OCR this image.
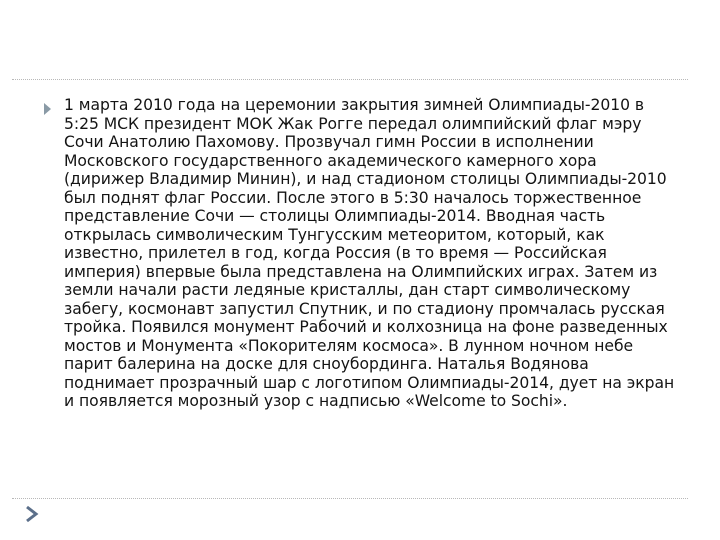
1 марта 2010 года на церемонии закрытия зимней Олимпиады-2010 в 5:25 МСК президент МОК Жак Рогге передал олимпийский флаг мэру Сочи Анатолию Пахомову. Прозвучал гимн России в исполнении Московского государственного академического камерного хора (дирижер Владимир Минин), и над стадионом столицы Олимпиады-2010 был поднят флаг России. После этого в 5:30 началось торжественное представление Сочи — столицы Олимпиады-2014. Вводная часть открылась символическим Тунгусским метеоритом, который, как известно, прилетел в год, когда Россия (в то время — Российская империя) впервые была представлена на Олимпийских играх. Затем из земли начали расти ледяные кристаллы, дан старт символическому забегу, космонавт запустил Спутник, и по стадиону промчалась русская тройка. Появился монумент Рабочий и колхозница на фоне разведенных мостов и Монумента «Покорителям космоса». В лунном ночном небе парит балерина на доске для сноубординга. Наталья Водянова поднимает прозрачный шар с логотипом Олимпиады-2014, дует на экран и появляется морозный узор с надписью «Welcome to Sochi».
